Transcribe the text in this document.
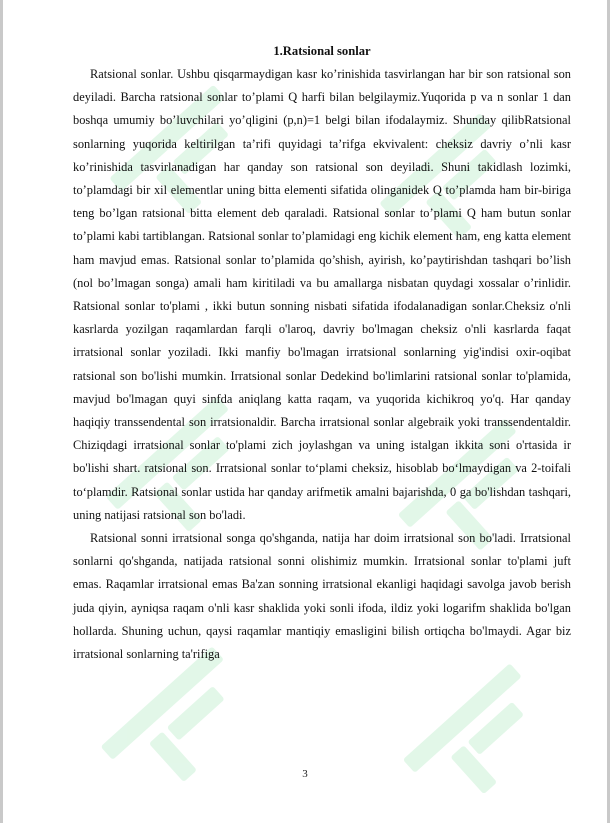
1.Ratsional sonlar

Ratsional sonlar. Ushbu qisqarmaydigan kasr ko’rinishida tasvirlangan har bir son ratsional son deyiladi. Barcha ratsional sonlar to’plami Q harfi bilan belgilaymiz.Yuqorida p va n sonlar 1 dan boshqa umumiy bo’luvchilari yo’qligini (p,n)=1 belgi bilan ifodalaymiz. Shunday qilibRatsional sonlarning yuqorida keltirilgan ta’rifi quyidagi ta’rifga ekvivalent: cheksiz davriy o’nli kasr ko’rinishida tasvirlanadigan har qanday son ratsional son deyiladi. Shuni takidlash lozimki, to’plamdagi bir xil elementlar uning bitta elementi sifatida olinganidek Q to’plamda ham bir-biriga teng bo’lgan ratsional bitta element deb qaraladi. Ratsional sonlar to’plami Q ham butun sonlar to’plami kabi tartiblangan. Ratsional sonlar to’plamidagi eng kichik element ham, eng katta element ham mavjud emas. Ratsional sonlar to’plamida qo’shish, ayirish, ko’paytirishdan tashqari bo’lish (nol bo’lmagan songa) amali ham kiritiladi va bu amallarga nisbatan quydagi xossalar o’rinlidir. Ratsional sonlar to'plami , ikki butun sonning nisbati sifatida ifodalanadigan sonlar.Cheksiz o'nli kasrlarda yozilgan raqamlardan farqli o'laroq, davriy bo'lmagan cheksiz o'nli kasrlarda faqat irratsional sonlar yoziladi. Ikki manfiy bo'lmagan irratsional sonlarning yig'indisi oxir-oqibat ratsional son bo'lishi mumkin. Irratsional sonlar Dedekind bo'limlarini ratsional sonlar to'plamida, mavjud bo'lmagan quyi sinfda aniqlang katta raqam, va yuqorida kichikroq yo'q. Har qanday haqiqiy transsendental son irratsionaldir. Barcha irratsional sonlar algebraik yoki transsendentaldir. Chiziqdagi irratsional sonlar to'plami zich joylashgan va uning istalgan ikkita soni o'rtasida ir bo'lishi shart. ratsional son. Irratsional sonlar to‘plami cheksiz, hisoblab bo‘lmaydigan va 2-toifali to‘plamdir. Ratsional sonlar ustida har qanday arifmetik amalni bajarishda, 0 ga bo'lishdan tashqari, uning natijasi ratsional son bo'ladi.

Ratsional sonni irratsional songa qo'shganda, natija har doim irratsional son bo'ladi. Irratsional sonlarni qo'shganda, natijada ratsional sonni olishimiz mumkin. Irratsional sonlar to'plami juft emas. Raqamlar irratsional emas Ba'zan sonning irratsional ekanligi haqidagi savolga javob berish juda qiyin, ayniqsa raqam o'nli kasr shaklida yoki sonli ifoda, ildiz yoki logarifm shaklida bo'lgan hollarda. Shuning uchun, qaysi raqamlar mantiqiy emasligini bilish ortiqcha bo'lmaydi. Agar biz irratsional sonlarning ta'rifiga

3
